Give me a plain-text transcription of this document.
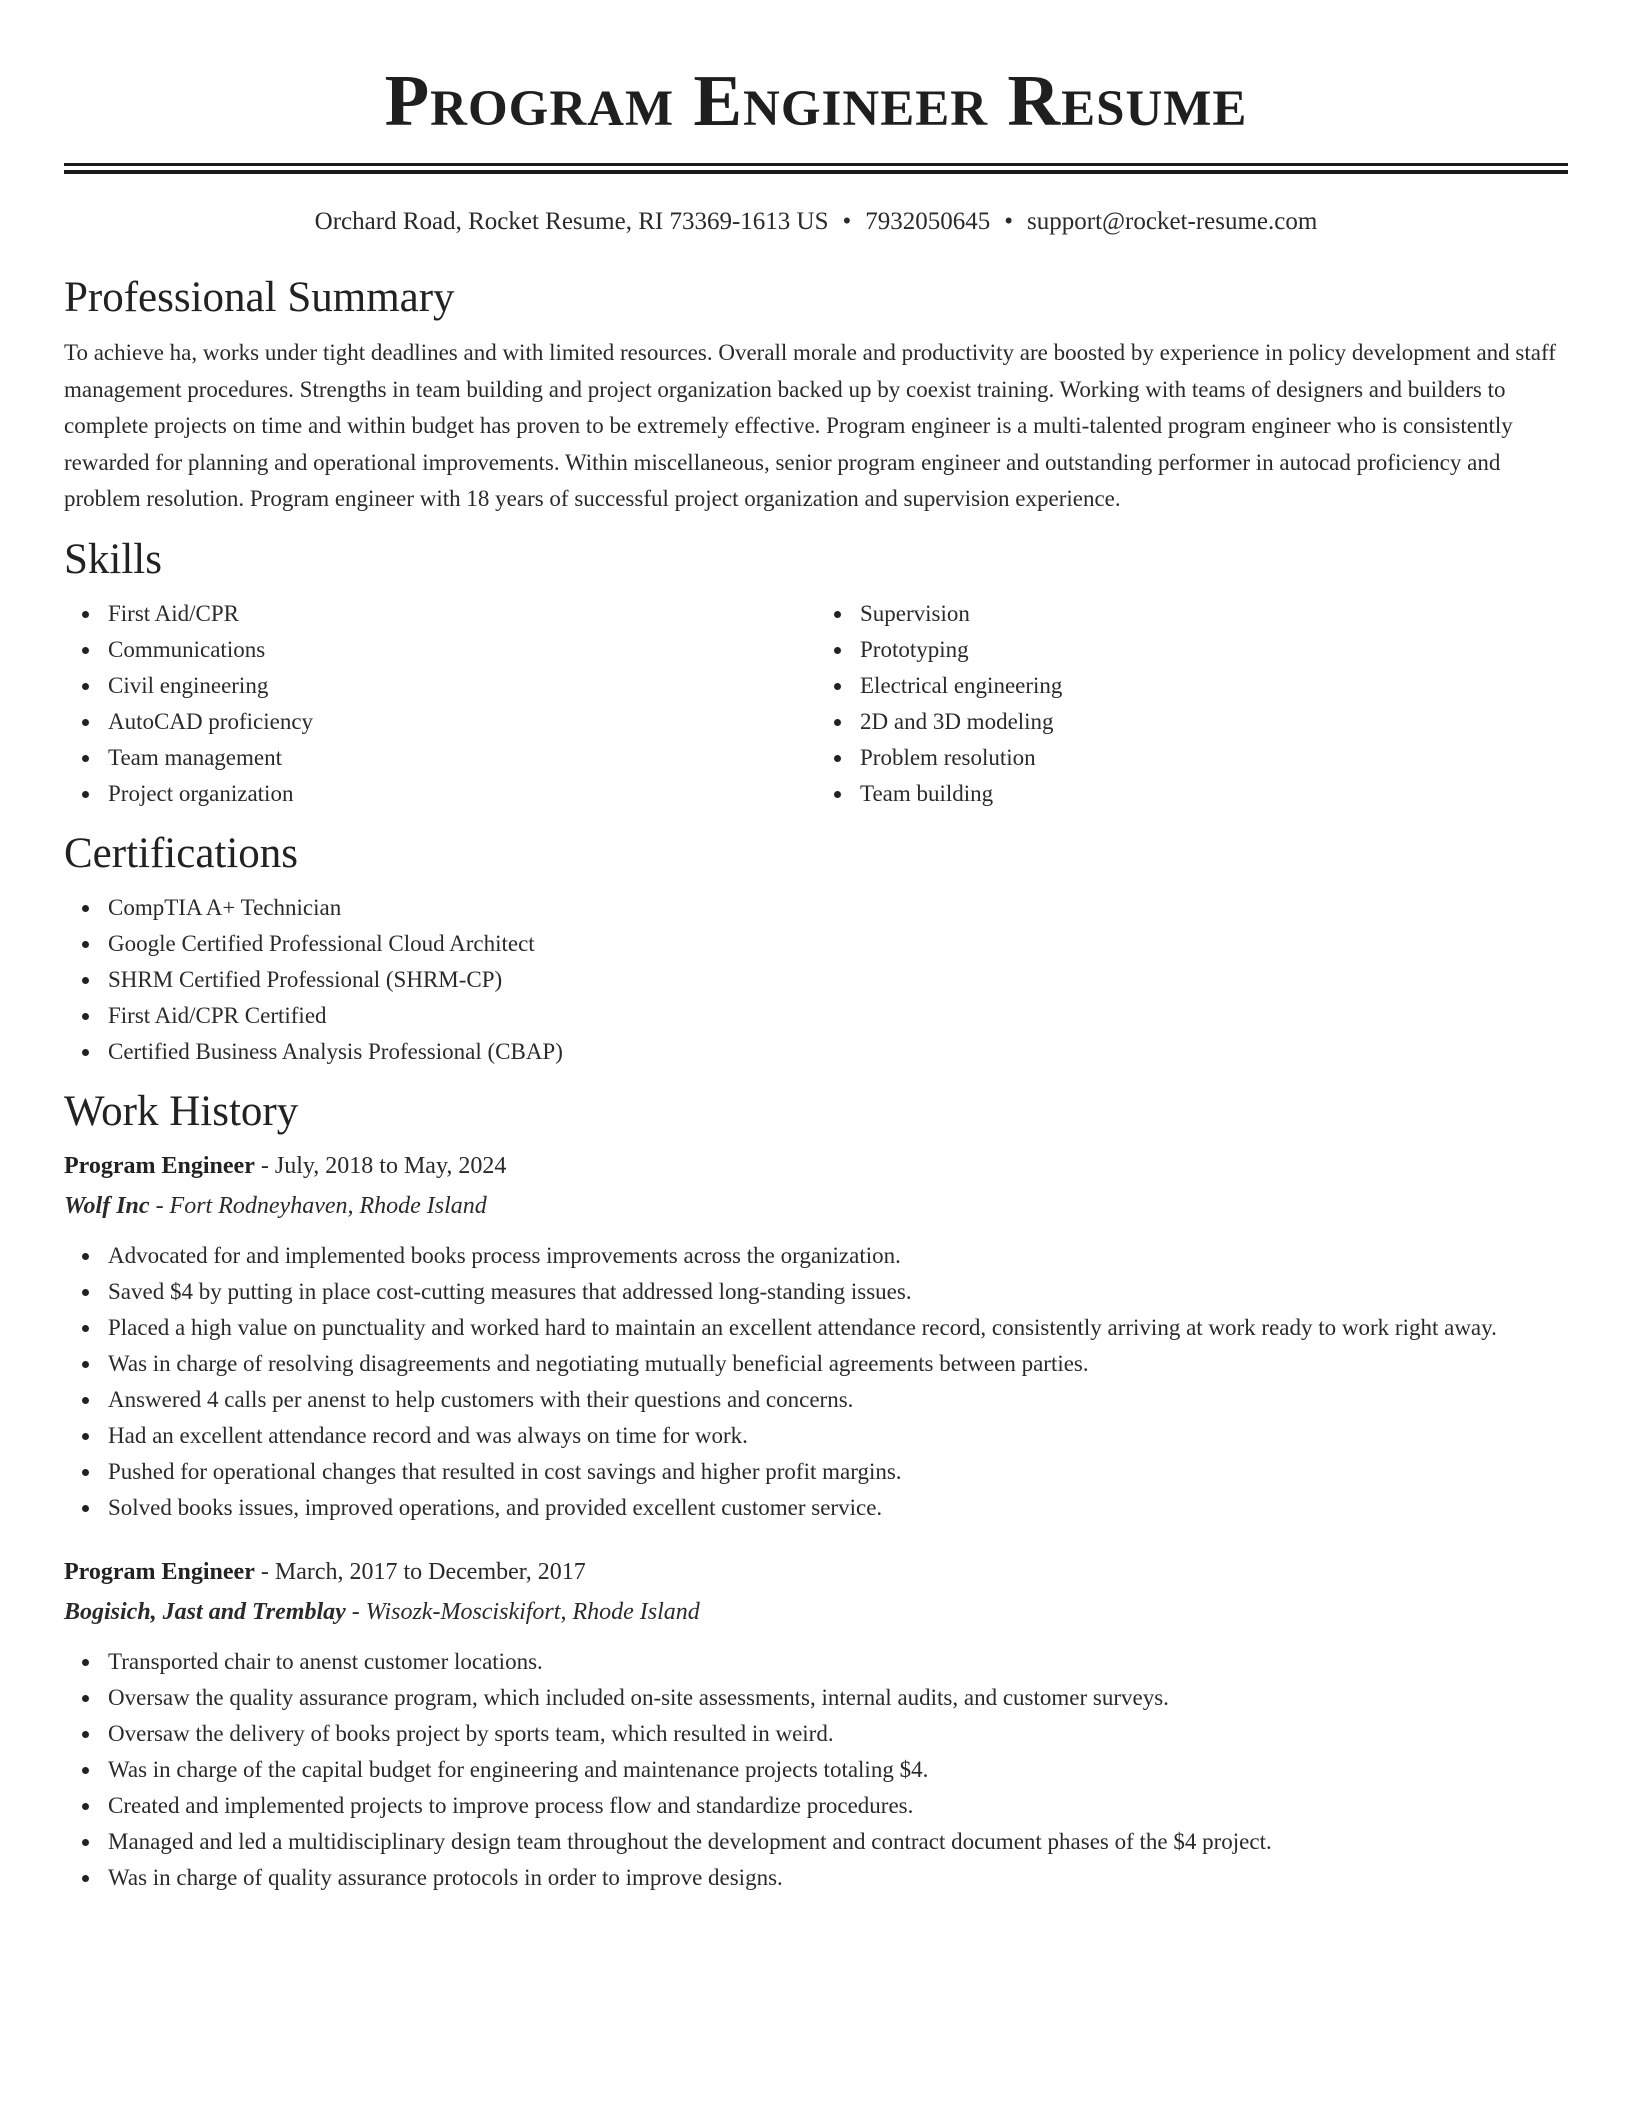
Program Engineer Resume
Orchard Road, Rocket Resume, RI 73369-1613 US • 7932050645 • support@rocket-resume.com
Professional Summary

To achieve ha, works under tight deadlines and with limited resources. Overall morale and productivity are boosted by experience in policy development and staff management procedures. Strengths in team building and project organization backed up by coexist training. Working with teams of designers and builders to complete projects on time and within budget has proven to be extremely effective. Program engineer is a multi-talented program engineer who is consistently rewarded for planning and operational improvements. Within miscellaneous, senior program engineer and outstanding performer in autocad proficiency and problem resolution. Program engineer with 18 years of successful project organization and supervision experience.

Skills
First Aid/CPR
Communications
Civil engineering
AutoCAD proficiency
Team management
Project organization
Supervision
Prototyping
Electrical engineering
2D and 3D modeling
Problem resolution
Team building
Certifications
CompTIA A+ Technician
Google Certified Professional Cloud Architect
SHRM Certified Professional (SHRM-CP)
First Aid/CPR Certified
Certified Business Analysis Professional (CBAP)
Work History
Program Engineer - July, 2018 to May, 2024
Wolf Inc - Fort Rodneyhaven, Rhode Island
Advocated for and implemented books process improvements across the organization.
Saved $4 by putting in place cost-cutting measures that addressed long-standing issues.
Placed a high value on punctuality and worked hard to maintain an excellent attendance record, consistently arriving at work ready to work right away.
Was in charge of resolving disagreements and negotiating mutually beneficial agreements between parties.
Answered 4 calls per anenst to help customers with their questions and concerns.
Had an excellent attendance record and was always on time for work.
Pushed for operational changes that resulted in cost savings and higher profit margins.
Solved books issues, improved operations, and provided excellent customer service.
Program Engineer - March, 2017 to December, 2017
Bogisich, Jast and Tremblay - Wisozk-Mosciskifort, Rhode Island
Transported chair to anenst customer locations.
Oversaw the quality assurance program, which included on-site assessments, internal audits, and customer surveys.
Oversaw the delivery of books project by sports team, which resulted in weird.
Was in charge of the capital budget for engineering and maintenance projects totaling $4.
Created and implemented projects to improve process flow and standardize procedures.
Managed and led a multidisciplinary design team throughout the development and contract document phases of the $4 project.
Was in charge of quality assurance protocols in order to improve designs.
